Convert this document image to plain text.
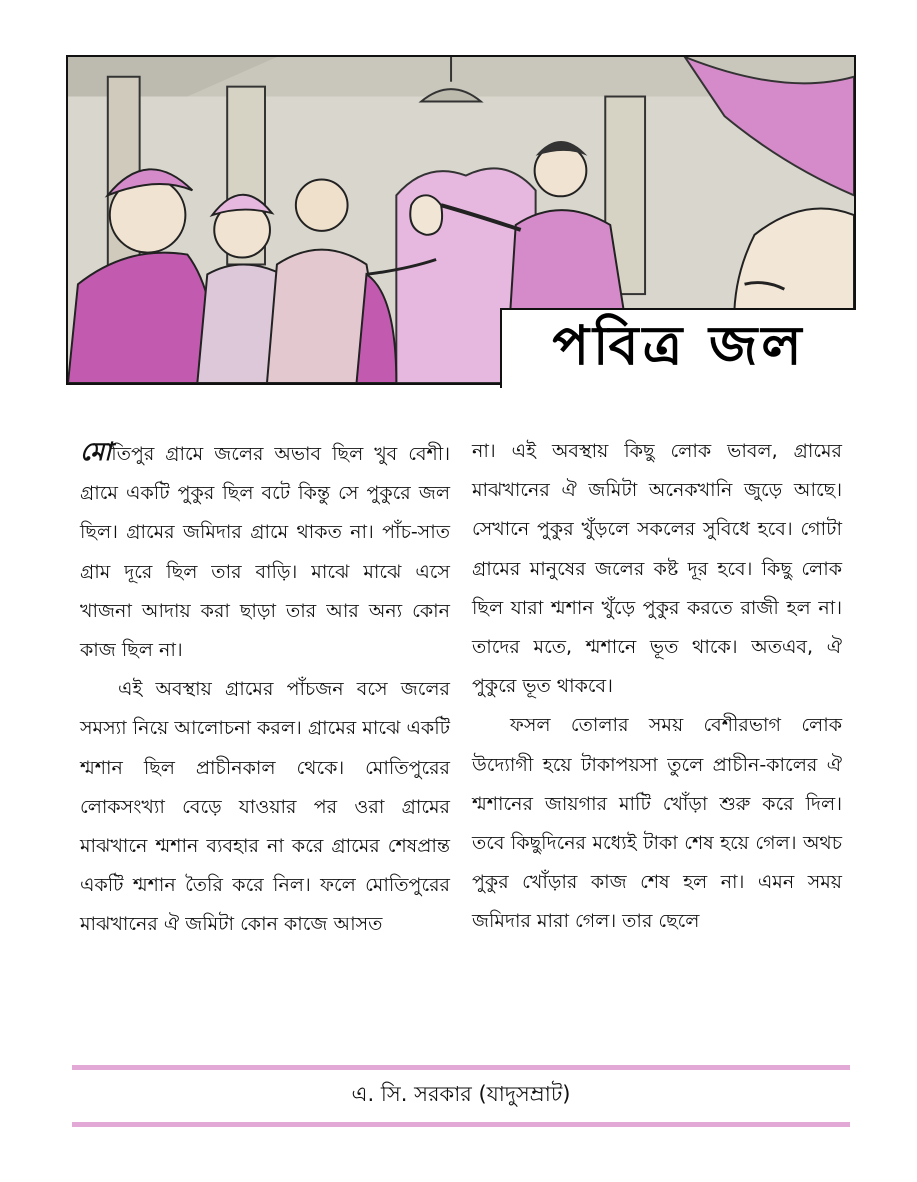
পবিত্র জল

মোতিপুর গ্রামে জলের অভাব ছিল খুব বেশী। গ্রামে একটি পুকুর ছিল বটে কিন্তু সে পুকুরে জল ছিল। গ্রামের জমিদার গ্রামে থাকত না। পাঁচ-সাত গ্রাম দূরে ছিল তার বাড়ি। মাঝে মাঝে এসে খাজনা আদায় করা ছাড়া তার আর অন্য কোন কাজ ছিল না।

এই অবস্থায় গ্রামের পাঁচজন বসে জলের সমস্যা নিয়ে আলোচনা করল। গ্রামের মাঝে একটি শ্মশান ছিল প্রাচীনকাল থেকে। মোতিপুরের লোকসংখ্যা বেড়ে যাওয়ার পর ওরা গ্রামের মাঝখানে শ্মশান ব্যবহার না করে গ্রামের শেষপ্রান্ত একটি শ্মশান তৈরি করে নিল। ফলে মোতিপুরের মাঝখানের ঐ জমিটা কোন কাজে আসত

না। এই অবস্থায় কিছু লোক ভাবল, গ্রামের মাঝখানের ঐ জমিটা অনেকখানি জুড়ে আছে। সেখানে পুকুর খুঁড়লে সকলের সুবিধে হবে। গোটা গ্রামের মানুষের জলের কষ্ট দূর হবে। কিছু লোক ছিল যারা শ্মশান খুঁড়ে পুকুর করতে রাজী হল না। তাদের মতে, শ্মশানে ভূত থাকে। অতএব, ঐ পুকুরে ভূত থাকবে।

ফসল তোলার সময় বেশীরভাগ লোক উদ্যোগী হয়ে টাকাপয়সা তুলে প্রাচীন-কালের ঐ শ্মশানের জায়গার মাটি খোঁড়া শুরু করে দিল। তবে কিছুদিনের মধ্যেই টাকা শেষ হয়ে গেল। অথচ পুকুর খোঁড়ার কাজ শেষ হল না। এমন সময় জমিদার মারা গেল। তার ছেলে

এ. সি. সরকার (যাদুসম্রাট)
